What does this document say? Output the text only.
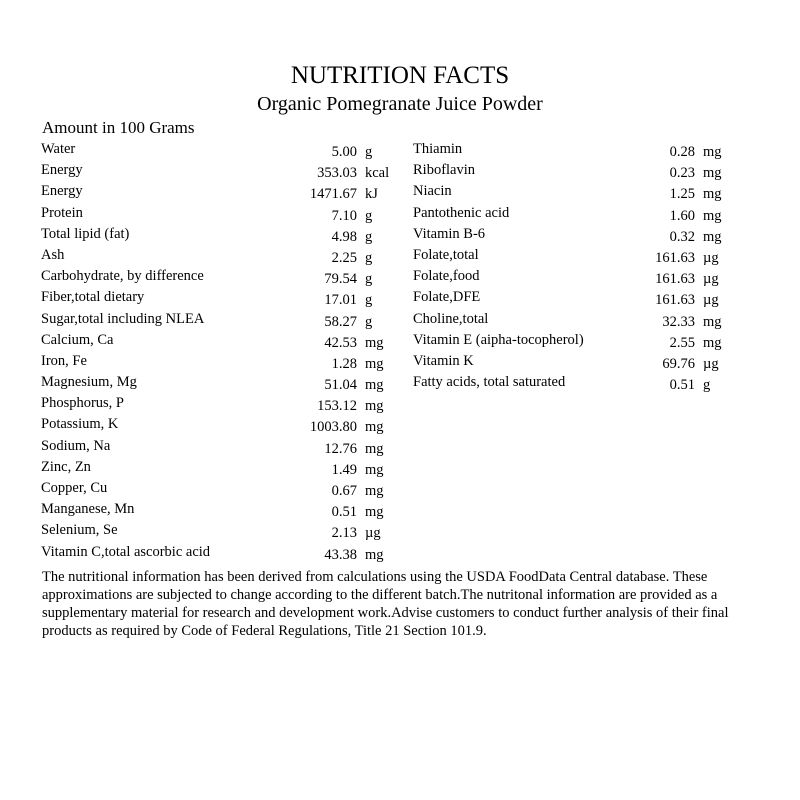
NUTRITION FACTS
Organic Pomegranate Juice Powder
Amount in 100 Grams
Water	5.00 g
Energy	353.03 kcal
Energy	1471.67 kJ
Protein	7.10 g
Total lipid (fat)	4.98 g
Ash	2.25 g
Carbohydrate, by difference	79.54 g
Fiber,total dietary	17.01 g
Sugar,total including NLEA	58.27 g
Calcium, Ca	42.53 mg
Iron, Fe	1.28 mg
Magnesium, Mg	51.04 mg
Phosphorus, P	153.12 mg
Potassium, K	1003.80 mg
Sodium, Na	12.76 mg
Zinc, Zn	1.49 mg
Copper, Cu	0.67 mg
Manganese, Mn	0.51 mg
Selenium, Se	2.13 µg
Vitamin C,total ascorbic acid	43.38 mg
Thiamin	0.28 mg
Riboflavin	0.23 mg
Niacin	1.25 mg
Pantothenic acid	1.60 mg
Vitamin B-6	0.32 mg
Folate,total	161.63 µg
Folate,food	161.63 µg
Folate,DFE	161.63 µg
Choline,total	32.33 mg
Vitamin E (aipha-tocopherol)	2.55 mg
Vitamin K	69.76 µg
Fatty acids, total saturated	0.51 g
The nutritional information has been derived from calculations using the USDA FoodData Central database. These approximations are subjected to change according to the different batch.The nutritonal information are provided as a supplementary material for research and development work.Advise customers to conduct further analysis of their final products as required by Code of Federal Regulations, Title 21 Section 101.9.
